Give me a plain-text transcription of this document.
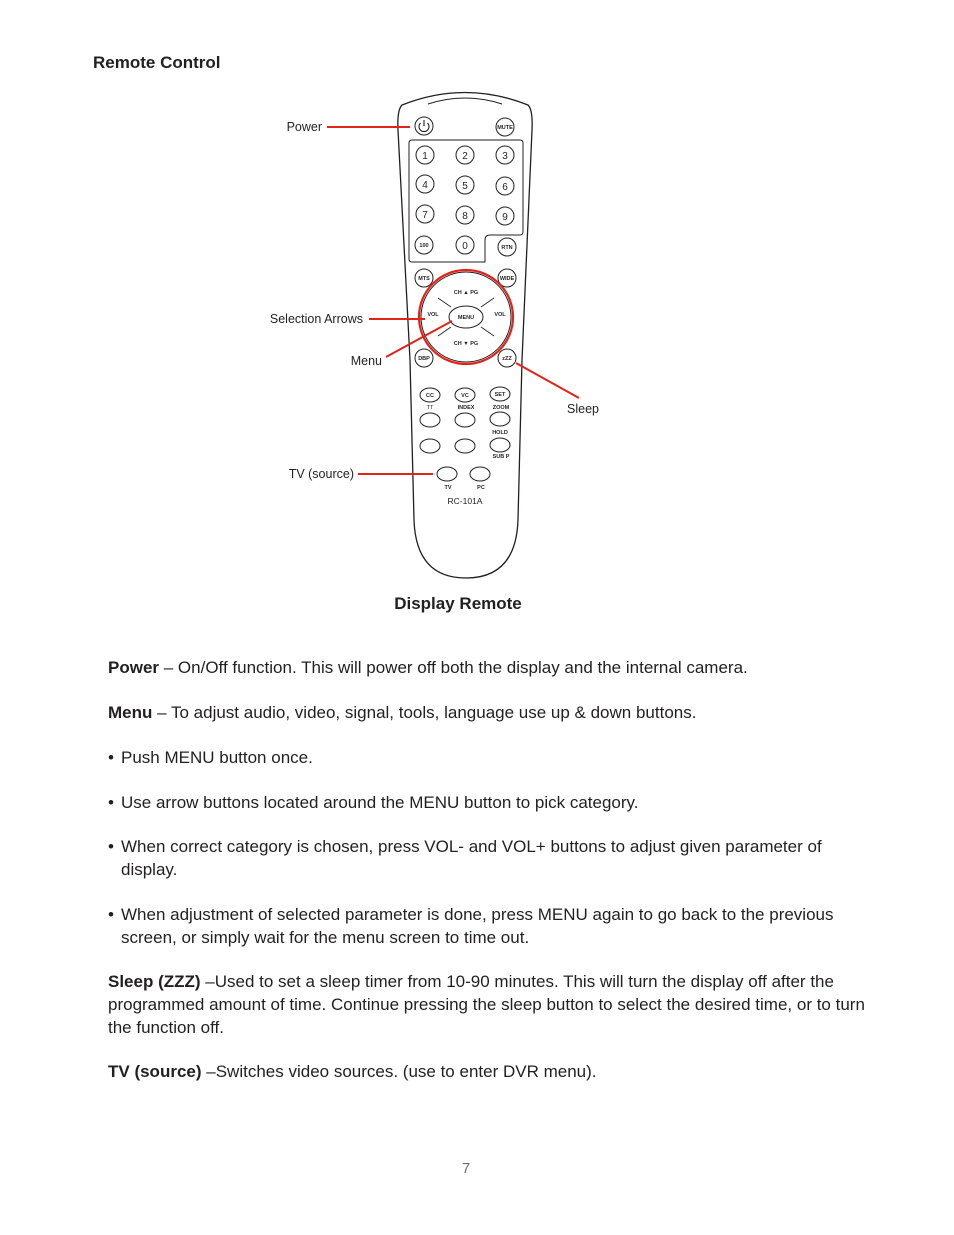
Remote Control
MUTE
1	2	3
4	5	6
7	8	9
100	0	RTN
MTS	WIDE
MENU
CH ▲ PG
CH ▼ PG
VOL	VOL
DBP	zZZ
CC
TT
VC
INDEX
SET
ZOOM
HOLD
SUB P
TV	PC
RC-101A
Power
Selection Arrows
Menu
Sleep
TV (source)
Display Remote

Power – On/Off function. This will power off both the display and the internal camera.

Menu – To adjust audio, video, signal, tools, language use up & down buttons.

• Push MENU button once.
• Use arrow buttons located around the MENU button to pick category.
• When correct category is chosen, press VOL- and VOL+ buttons to adjust given parameter of display.
• When adjustment of selected parameter is done, press MENU again to go back to the previous screen, or simply wait for the menu screen to time out.

Sleep (ZZZ) –Used to set a sleep timer from 10-90 minutes. This will turn the display off after the programmed amount of time. Continue pressing the sleep button to select the desired time, or to turn the function off.

TV (source) –Switches video sources. (use to enter DVR menu).

7
